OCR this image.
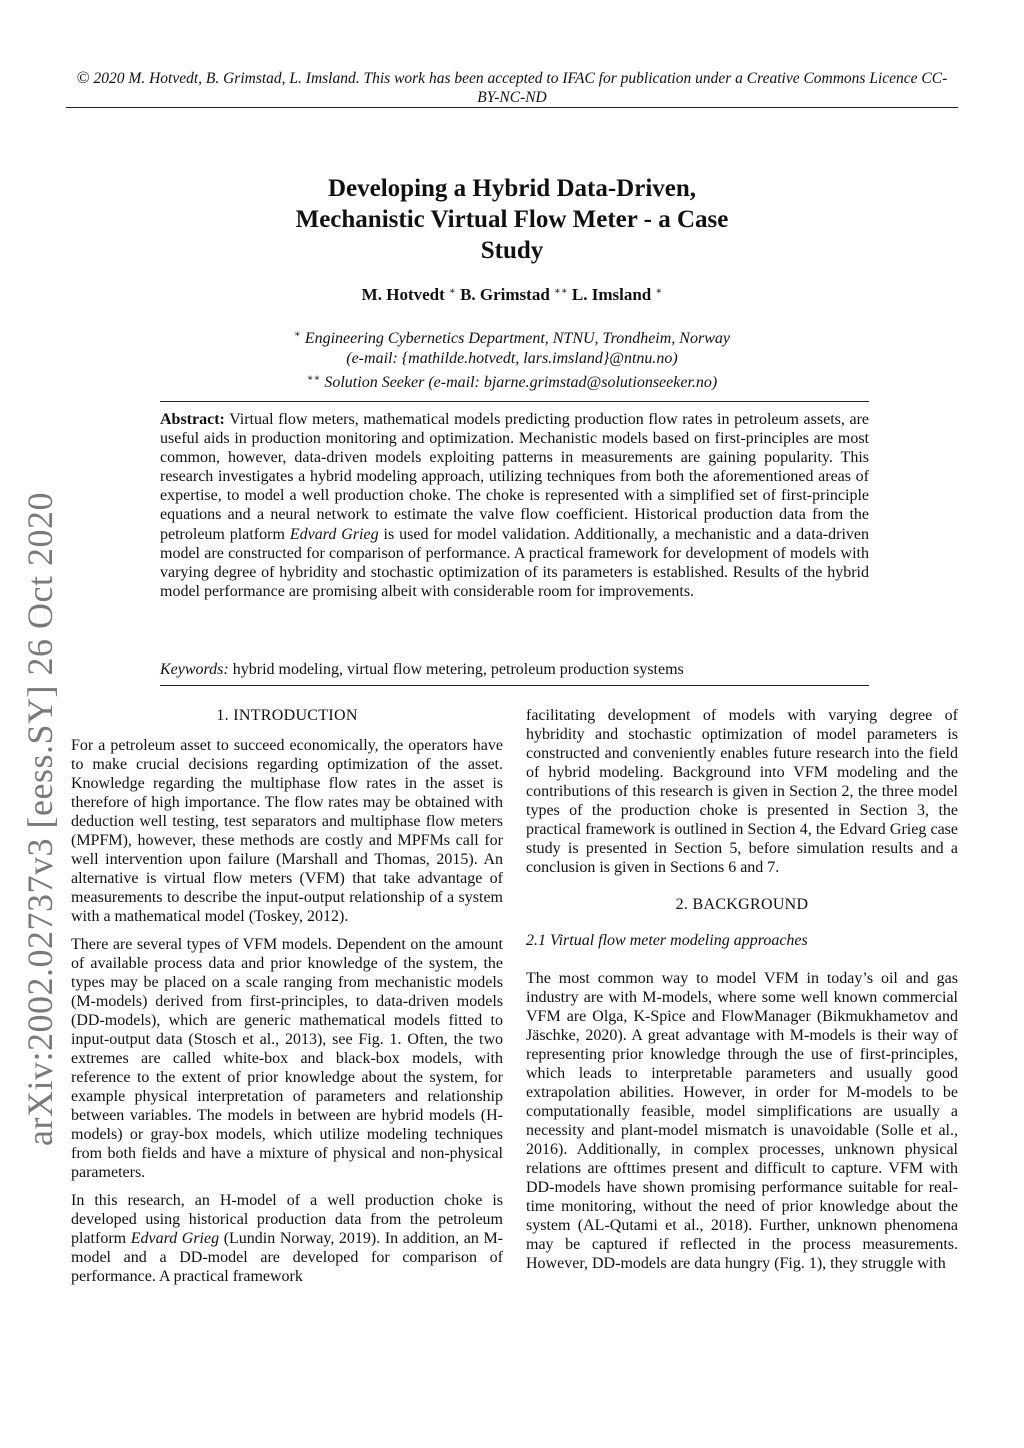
© 2020 M. Hotvedt, B. Grimstad, L. Imsland. This work has been accepted to IFAC for publication under a Creative Commons Licence CC-BY-NC-ND
arXiv:2002.02737v3 [eess.SY] 26 Oct 2020
Developing a Hybrid Data-Driven,
Mechanistic Virtual Flow Meter - a Case
Study
M. Hotvedt ∗ B. Grimstad ∗∗ L. Imsland ∗
∗ Engineering Cybernetics Department, NTNU, Trondheim, Norway
(e-mail: {mathilde.hotvedt, lars.imsland}@ntnu.no)
∗∗ Solution Seeker (e-mail: bjarne.grimstad@solutionseeker.no)
Abstract: Virtual flow meters, mathematical models predicting production flow rates in petroleum assets, are useful aids in production monitoring and optimization. Mechanistic models based on first-principles are most common, however, data-driven models exploiting patterns in measurements are gaining popularity. This research investigates a hybrid modeling approach, utilizing techniques from both the aforementioned areas of expertise, to model a well production choke. The choke is represented with a simplified set of first-principle equations and a neural network to estimate the valve flow coefficient. Historical production data from the petroleum platform Edvard Grieg is used for model validation. Additionally, a mechanistic and a data-driven model are constructed for comparison of performance. A practical framework for development of models with varying degree of hybridity and stochastic optimization of its parameters is established. Results of the hybrid model performance are promising albeit with considerable room for improvements.
Keywords: hybrid modeling, virtual flow metering, petroleum production systems
1. INTRODUCTION

For a petroleum asset to succeed economically, the operators have to make crucial decisions regarding optimization of the asset. Knowledge regarding the multiphase flow rates in the asset is therefore of high importance. The flow rates may be obtained with deduction well testing, test separators and multiphase flow meters (MPFM), however, these methods are costly and MPFMs call for well intervention upon failure (Marshall and Thomas, 2015). An alternative is virtual flow meters (VFM) that take advantage of measurements to describe the input-output relationship of a system with a mathematical model (Toskey, 2012).

There are several types of VFM models. Dependent on the amount of available process data and prior knowledge of the system, the types may be placed on a scale ranging from mechanistic models (M-models) derived from first-principles, to data-driven models (DD-models), which are generic mathematical models fitted to input-output data (Stosch et al., 2013), see Fig. 1. Often, the two extremes are called white-box and black-box models, with reference to the extent of prior knowledge about the system, for example physical interpretation of parameters and relationship between variables. The models in between are hybrid models (H-models) or gray-box models, which utilize modeling techniques from both fields and have a mixture of physical and non-physical parameters.

In this research, an H-model of a well production choke is developed using historical production data from the petroleum platform Edvard Grieg (Lundin Norway, 2019). In addition, an M-model and a DD-model are developed for comparison of performance. A practical framework

facilitating development of models with varying degree of hybridity and stochastic optimization of model parameters is constructed and conveniently enables future research into the field of hybrid modeling. Background into VFM modeling and the contributions of this research is given in Section 2, the three model types of the production choke is presented in Section 3, the practical framework is outlined in Section 4, the Edvard Grieg case study is presented in Section 5, before simulation results and a conclusion is given in Sections 6 and 7.

2. BACKGROUND
2.1 Virtual flow meter modeling approaches

The most common way to model VFM in today’s oil and gas industry are with M-models, where some well known commercial VFM are Olga, K-Spice and FlowManager (Bikmukhametov and Jäschke, 2020). A great advantage with M-models is their way of representing prior knowledge through the use of first-principles, which leads to interpretable parameters and usually good extrapolation abilities. However, in order for M-models to be computationally feasible, model simplifications are usually a necessity and plant-model mismatch is unavoidable (Solle et al., 2016). Additionally, in complex processes, unknown physical relations are ofttimes present and difficult to capture. VFM with DD-models have shown promising performance suitable for real-time monitoring, without the need of prior knowledge about the system (AL-Qutami et al., 2018). Further, unknown phenomena may be captured if reflected in the process measurements. However, DD-models are data hungry (Fig. 1), they struggle with
